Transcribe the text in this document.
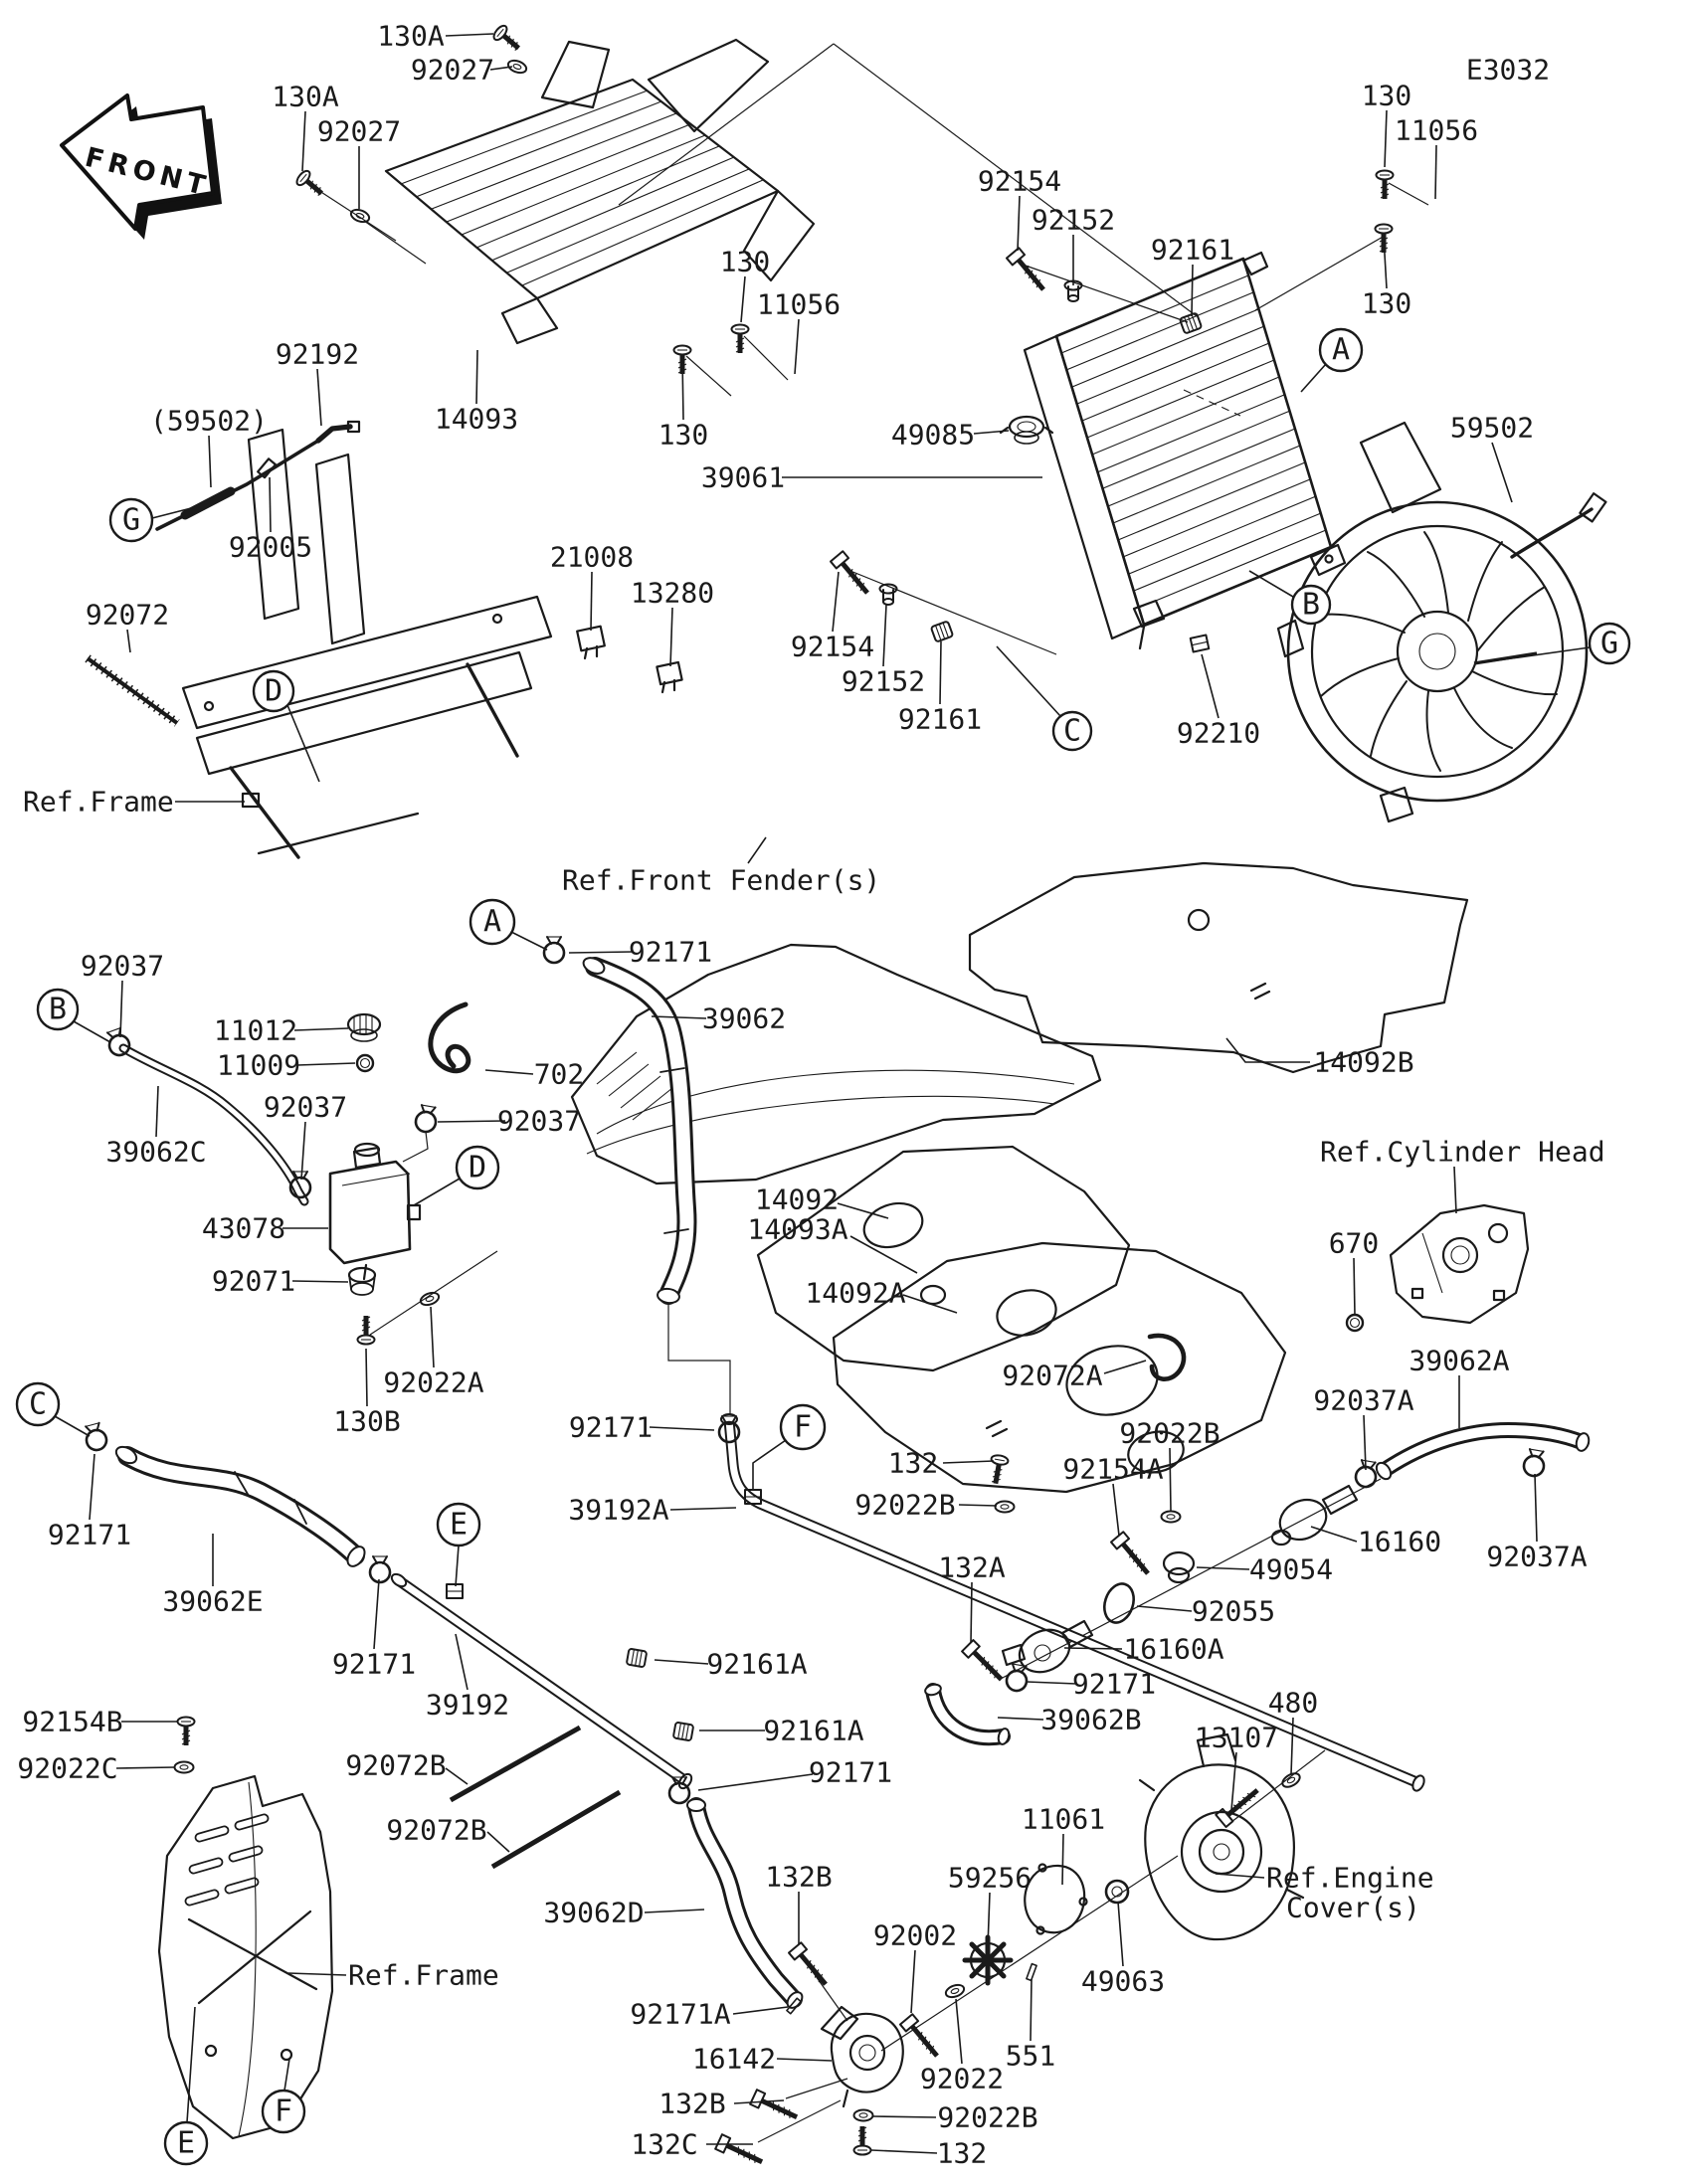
FRONT
A
B
C
G
G
D
B
A
D
C
E
F
E
F
130A
92027
130A
92027
130
11056
92154
92152
92161
130
11056
130
E3032
14093	130
92192
(59502)
92005
92072
49085
39061
59502
92210
92154
92152
92161
Ref.Frame
21008
13280
Ref.Front Fender(s)
92037
11012
11009
92037
39062C
43078
92071
92022A
130B
702
92037
92171
39062
14092B
Ref.Cylinder Head
670
14092
14093A
14092A
92072A	39062A
92037A
92037A
16160
49054
92055
16160A
92171
39062B
132
92022B
92154A
92022B
132A
92171
39062E
92171
39192
92154B
92022C	92072B
92072B
Ref.Frame
92171
39192A
92161A
92161A
92171
39062D
132B
92171A
16142
132B
132C
92002
59256
11061
49063
551
92022
92022B
132
480
13107
Ref.Engine
Cover(s)
